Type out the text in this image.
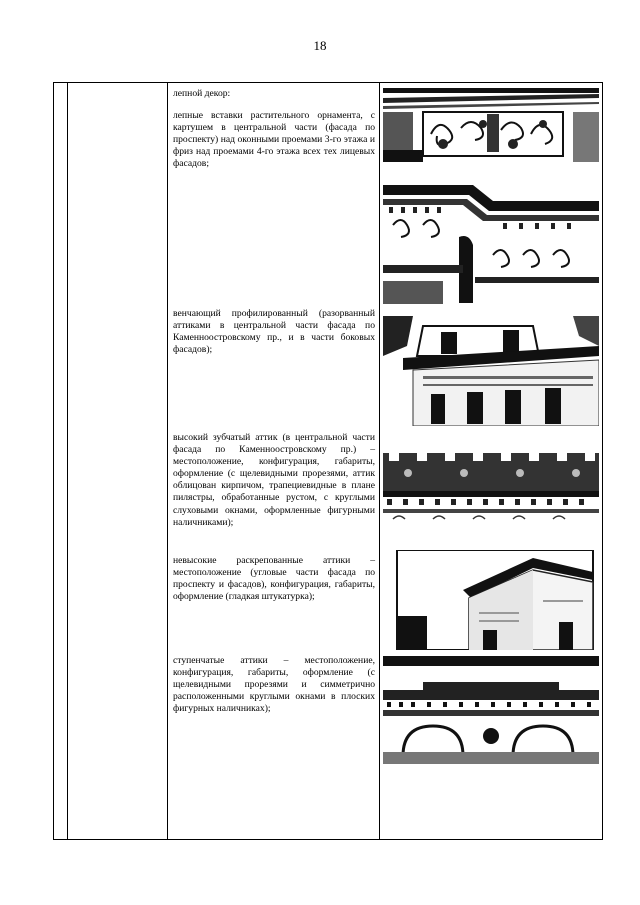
18

лепной декор:

лепные вставки растительного орнамента, с картушем в центральной части (фасада по проспекту) над оконными проемами 3-го этажа и фриз над проемами 4-го этажа всех тех лицевых фасадов;

венчающий профилированный (разорванный аттиками в центральной части фасада по Каменноостровскому пр., и в части боковых фасадов);

высокий зубчатый аттик (в центральной части фасада по Каменноостровскому пр.) – местоположение, конфигурация, габариты, оформление (с щелевидными прорезями, аттик облицован кирпичом, трапециевидные в плане пилястры, обработанные рустом, с круглыми слуховыми окнами, оформленные фигурными наличниками);

невысокие раскрепованные аттики – местоположение (угловые части фасада по проспекту и фасадов), конфигурация, габариты, оформление (гладкая штукатурка);

ступенчатые аттики – местоположение, конфигурация, габариты, оформление (с щелевидными прорезями и симметрично расположенными круглыми окнами в плоских фигурных наличниках);
